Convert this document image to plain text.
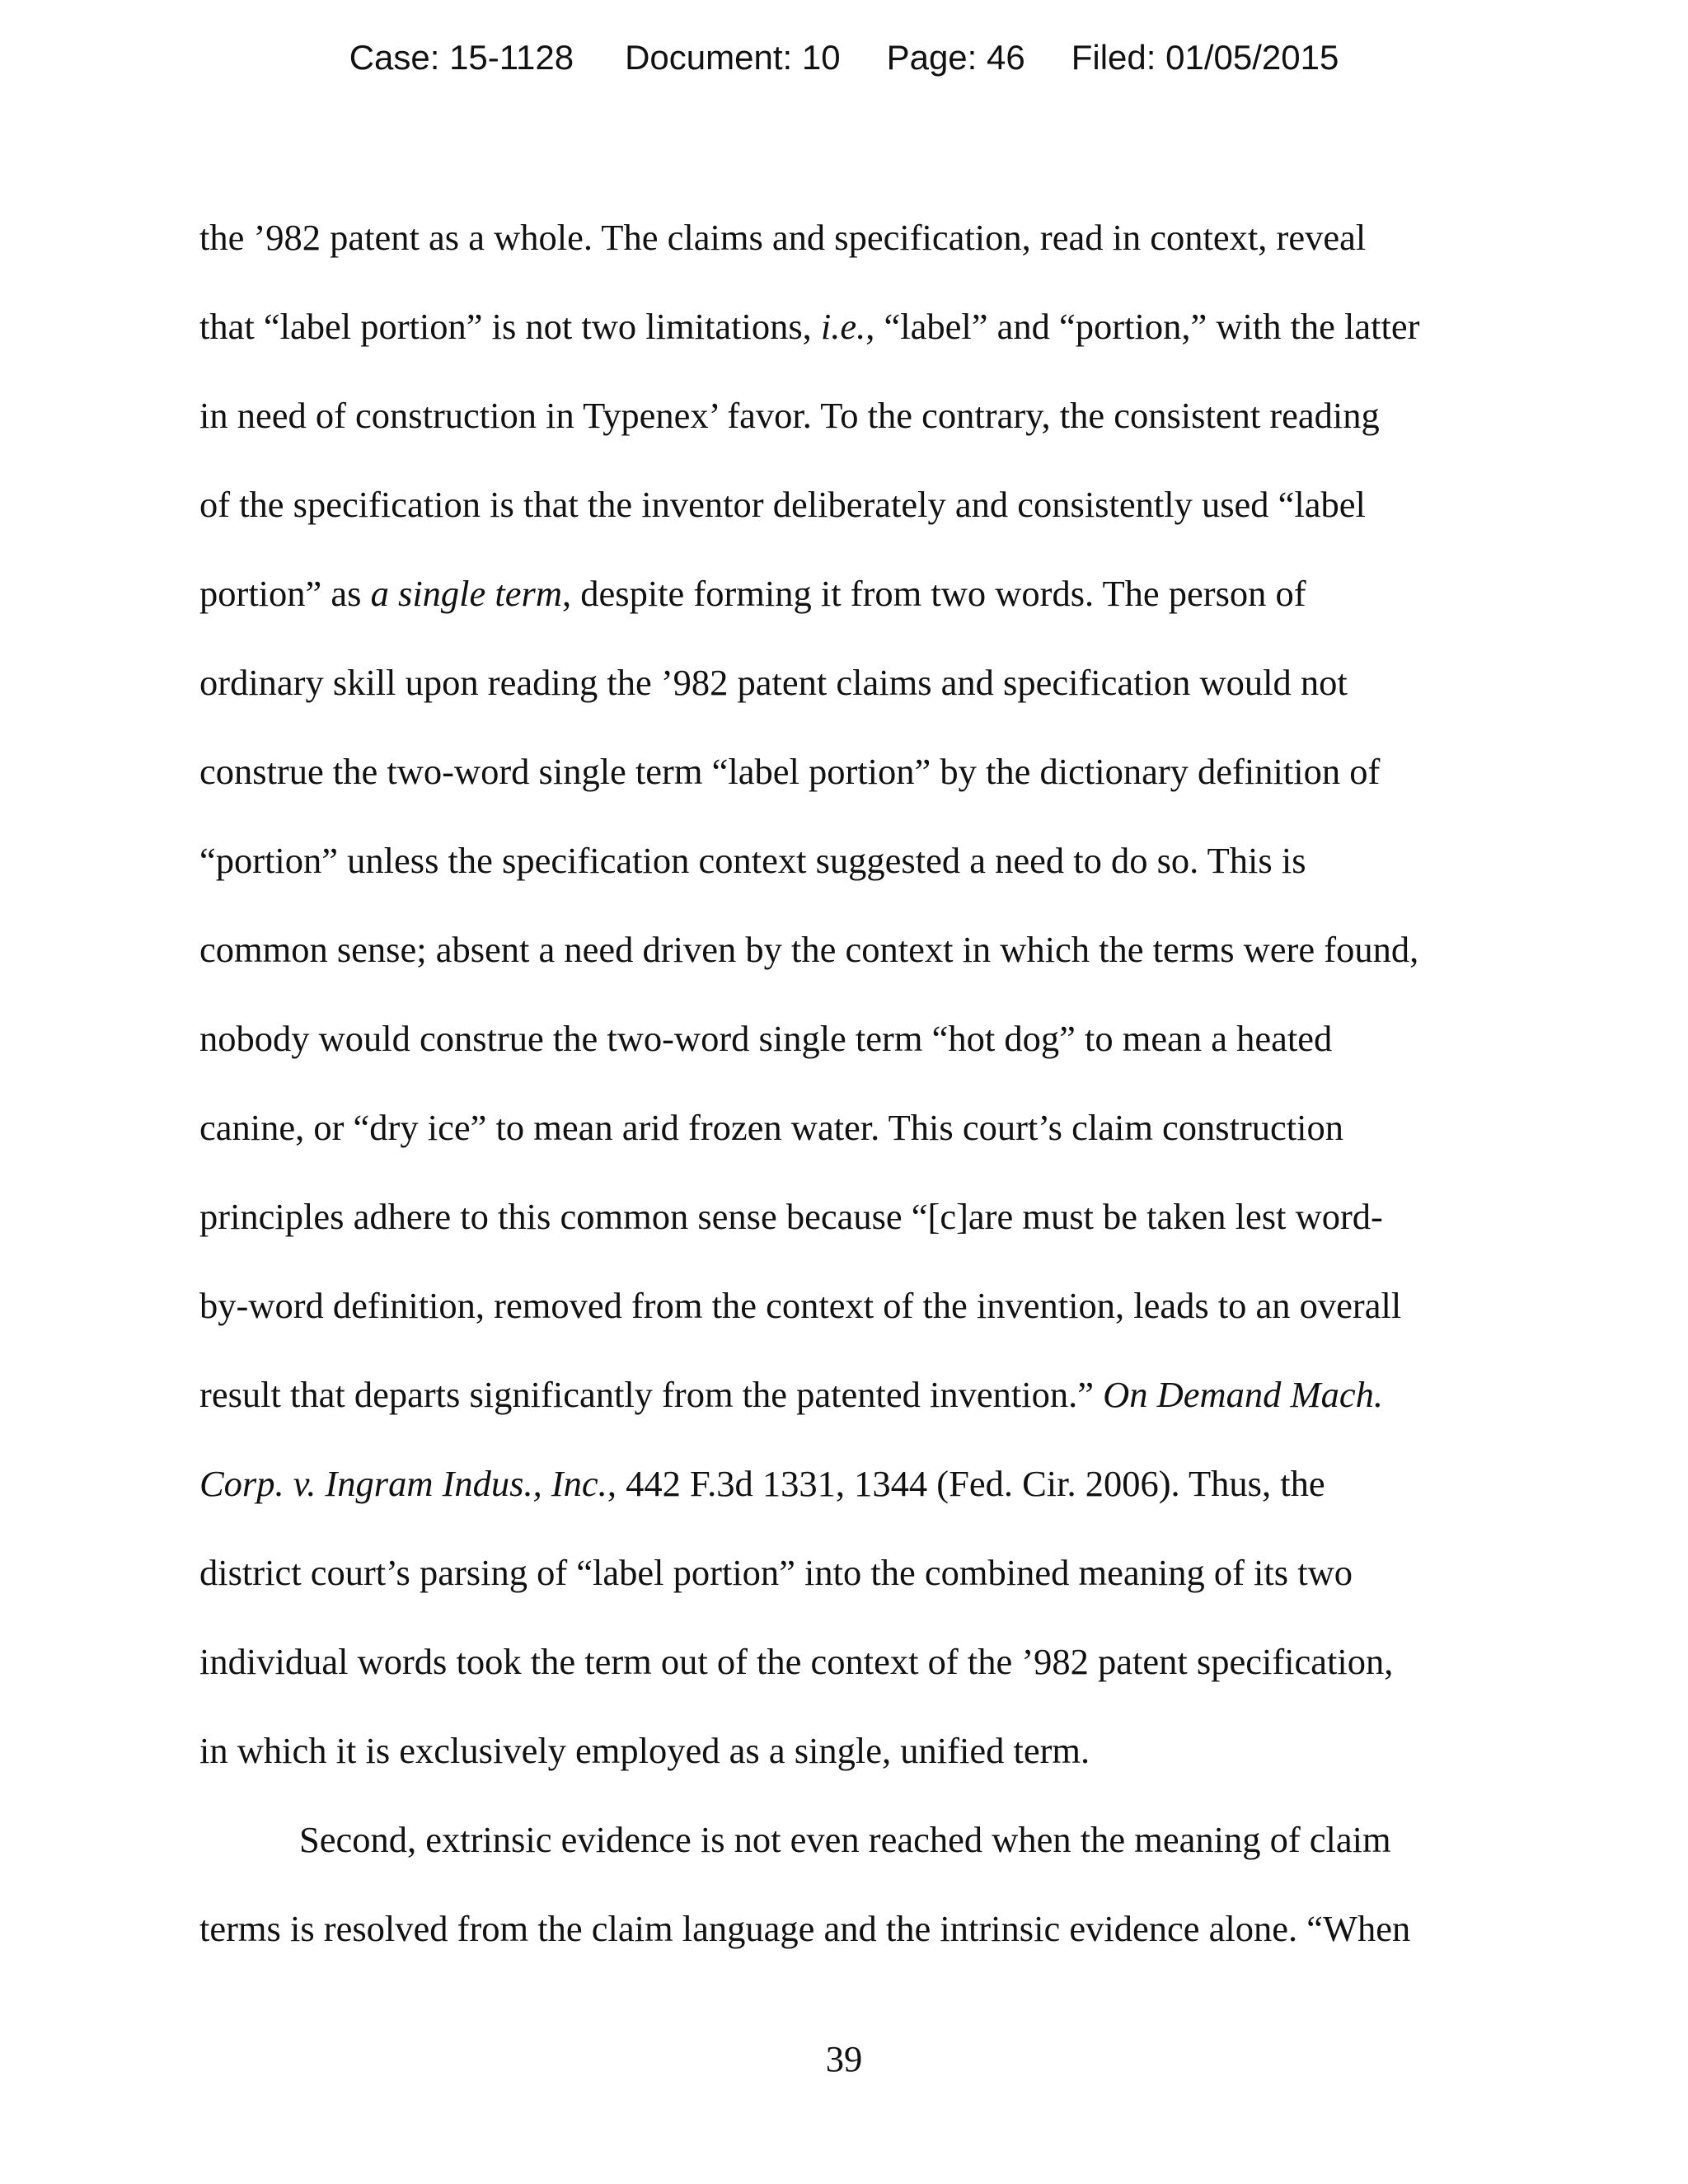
Case: 15-1128 Document: 10 Page: 46 Filed: 01/05/2015
the ’982 patent as a whole. The claims and specification, read in context, reveal
that “label portion” is not two limitations, i.e., “label” and “portion,” with the latter
in need of construction in Typenex’ favor. To the contrary, the consistent reading
of the specification is that the inventor deliberately and consistently used “label
portion” as a single term, despite forming it from two words. The person of
ordinary skill upon reading the ’982 patent claims and specification would not
construe the two-word single term “label portion” by the dictionary definition of
“portion” unless the specification context suggested a need to do so. This is
common sense; absent a need driven by the context in which the terms were found,
nobody would construe the two-word single term “hot dog” to mean a heated
canine, or “dry ice” to mean arid frozen water. This court’s claim construction
principles adhere to this common sense because “[c]are must be taken lest word-
by-word definition, removed from the context of the invention, leads to an overall
result that departs significantly from the patented invention.” On Demand Mach.
Corp. v. Ingram Indus., Inc., 442 F.3d 1331, 1344 (Fed. Cir. 2006). Thus, the
district court’s parsing of “label portion” into the combined meaning of its two
individual words took the term out of the context of the ’982 patent specification,
in which it is exclusively employed as a single, unified term.
Second, extrinsic evidence is not even reached when the meaning of claim
terms is resolved from the claim language and the intrinsic evidence alone. “When
39
